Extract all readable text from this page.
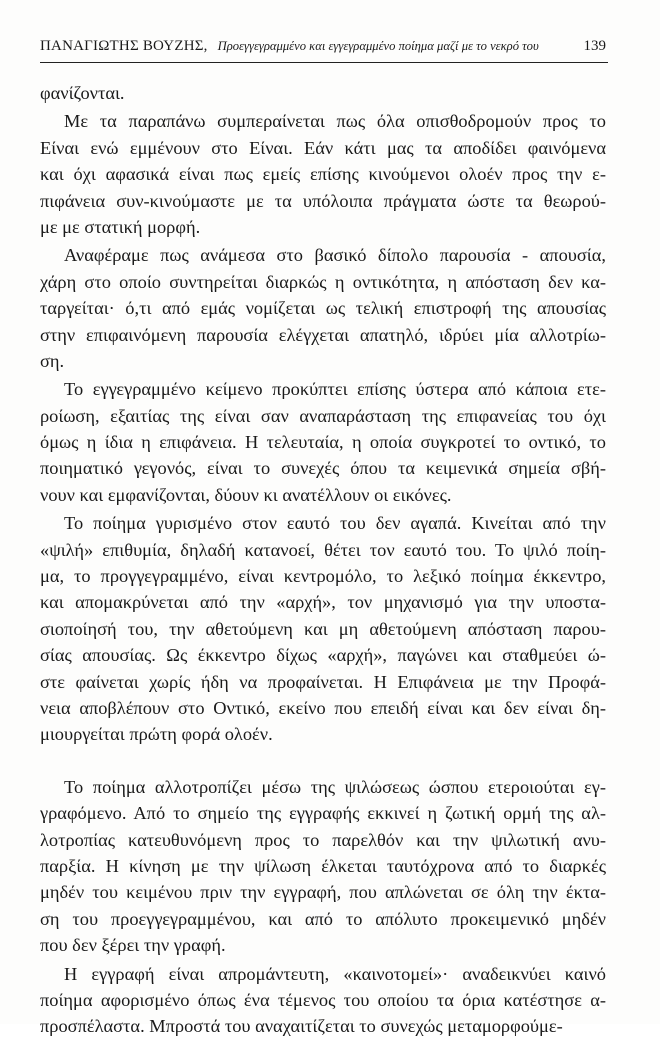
ΠΑΝΑΓΙΩΤΗΣ ΒΟΥΖΗΣ, Προεγγεγραμμένο και εγγεγραμμένο ποίημα μαζί με το νεκρό του	139
φανίζονται.
Με τα παραπάνω συμπεραίνεται πως όλα οπισθοδρομούν προς το
Είναι ενώ εμμένουν στο Είναι. Εάν κάτι μας τα αποδίδει φαινόμενα
και όχι αφασικά είναι πως εμείς επίσης κινούμενοι ολοέν προς την ε-
πιφάνεια συν-κινούμαστε με τα υπόλοιπα πράγματα ώστε τα θεωρού-
με με στατική μορφή.
Αναφέραμε πως ανάμεσα στο βασικό δίπολο παρουσία - απουσία,
χάρη στο οποίο συντηρείται διαρκώς η οντικότητα, η απόσταση δεν κα-
ταργείται· ό,τι από εμάς νομίζεται ως τελική επιστροφή της απουσίας
στην επιφαινόμενη παρουσία ελέγχεται απατηλό, ιδρύει μία αλλοτρίω-
ση.
Το εγγεγραμμένο κείμενο προκύπτει επίσης ύστερα από κάποια ετε-
ροίωση, εξαιτίας της είναι σαν αναπαράσταση της επιφανείας του όχι
όμως η ίδια η επιφάνεια. Η τελευταία, η οποία συγκροτεί το οντικό, το
ποιηματικό γεγονός, είναι το συνεχές όπου τα κειμενικά σημεία σβή-
νουν και εμφανίζονται, δύουν κι ανατέλλουν οι εικόνες.
Το ποίημα γυρισμένο στον εαυτό του δεν αγαπά. Κινείται από την
«ψιλή» επιθυμία, δηλαδή κατανοεί, θέτει τον εαυτό του. Το ψιλό ποίη-
μα, το προγγεγραμμένο, είναι κεντρομόλο, το λεξικό ποίημα έκκεντρο,
και απομακρύνεται από την «αρχή», τον μηχανισμό για την υποστα-
σιοποίησή του, την αθετούμενη και μη αθετούμενη απόσταση παρου-
σίας απουσίας. Ως έκκεντρο δίχως «αρχή», παγώνει και σταθμεύει ώ-
στε φαίνεται χωρίς ήδη να προφαίνεται. Η Επιφάνεια με την Προφά-
νεια αποβλέπουν στο Οντικό, εκείνο που επειδή είναι και δεν είναι δη-
μιουργείται πρώτη φορά ολοέν.
Το ποίημα αλλοτροπίζει μέσω της ψιλώσεως ώσπου ετεροιούται εγ-
γραφόμενο. Από το σημείο της εγγραφής εκκινεί η ζωτική ορμή της αλ-
λοτροπίας κατευθυνόμενη προς το παρελθόν και την ψιλωτική ανυ-
παρξία. Η κίνηση με την ψίλωση έλκεται ταυτόχρονα από το διαρκές
μηδέν του κειμένου πριν την εγγραφή, που απλώνεται σε όλη την έκτα-
ση του προεγγεγραμμένου, και από το απόλυτο προκειμενικό μηδέν
που δεν ξέρει την γραφή.
Η εγγραφή είναι απρομάντευτη, «καινοτομεί»· αναδεικνύει καινό
ποίημα αφορισμένο όπως ένα τέμενος του οποίου τα όρια κατέστησε α-
προσπέλαστα. Μπροστά του αναχαιτίζεται το συνεχώς μεταμορφούμε-
